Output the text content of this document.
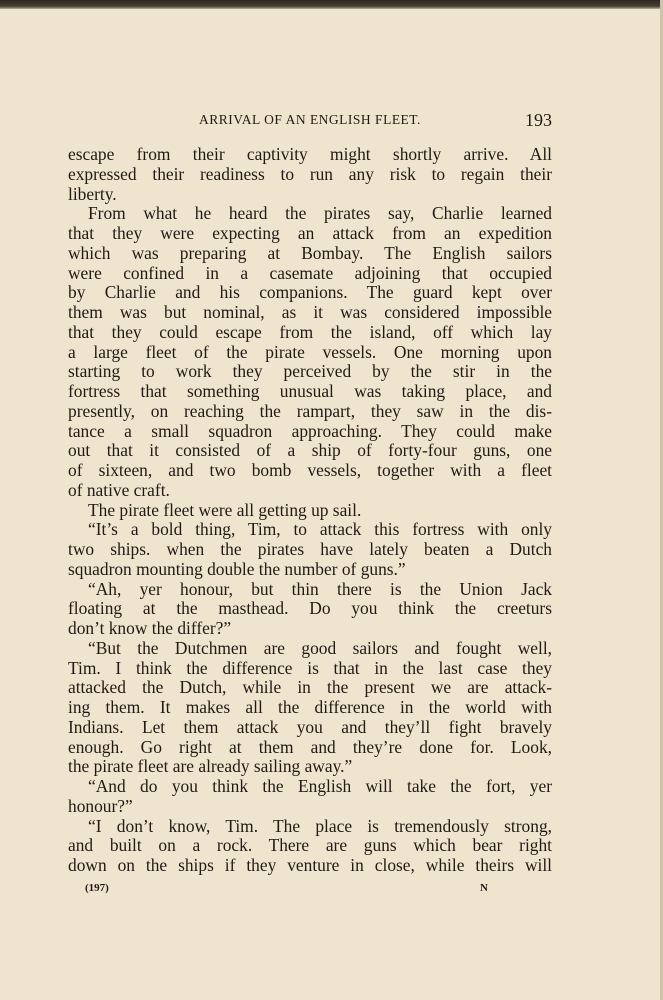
ARRIVAL OF AN ENGLISH FLEET.	193
escape from their captivity might shortly arrive. All
expressed their readiness to run any risk to regain their
liberty.
From what he heard the pirates say, Charlie learned
that they were expecting an attack from an expedition
which was preparing at Bombay. The English sailors
were confined in a casemate adjoining that occupied
by Charlie and his companions. The guard kept over
them was but nominal, as it was considered impossible
that they could escape from the island, off which lay
a large fleet of the pirate vessels. One morning upon
starting to work they perceived by the stir in the
fortress that something unusual was taking place, and
presently, on reaching the rampart, they saw in the dis-
tance a small squadron approaching. They could make
out that it consisted of a ship of forty-four guns, one
of sixteen, and two bomb vessels, together with a fleet
of native craft.
The pirate fleet were all getting up sail.
“It’s a bold thing, Tim, to attack this fortress with only
two ships. when the pirates have lately beaten a Dutch
squadron mounting double the number of guns.”
“Ah, yer honour, but thin there is the Union Jack
floating at the masthead. Do you think the creeturs
don’t know the differ?”
“But the Dutchmen are good sailors and fought well,
Tim. I think the difference is that in the last case they
attacked the Dutch, while in the present we are attack-
ing them. It makes all the difference in the world with
Indians. Let them attack you and they’ll fight bravely
enough. Go right at them and they’re done for. Look,
the pirate fleet are already sailing away.”
“And do you think the English will take the fort, yer
honour?”
“I don’t know, Tim. The place is tremendously strong,
and built on a rock. There are guns which bear right
down on the ships if they venture in close, while theirs will
(197)	N
